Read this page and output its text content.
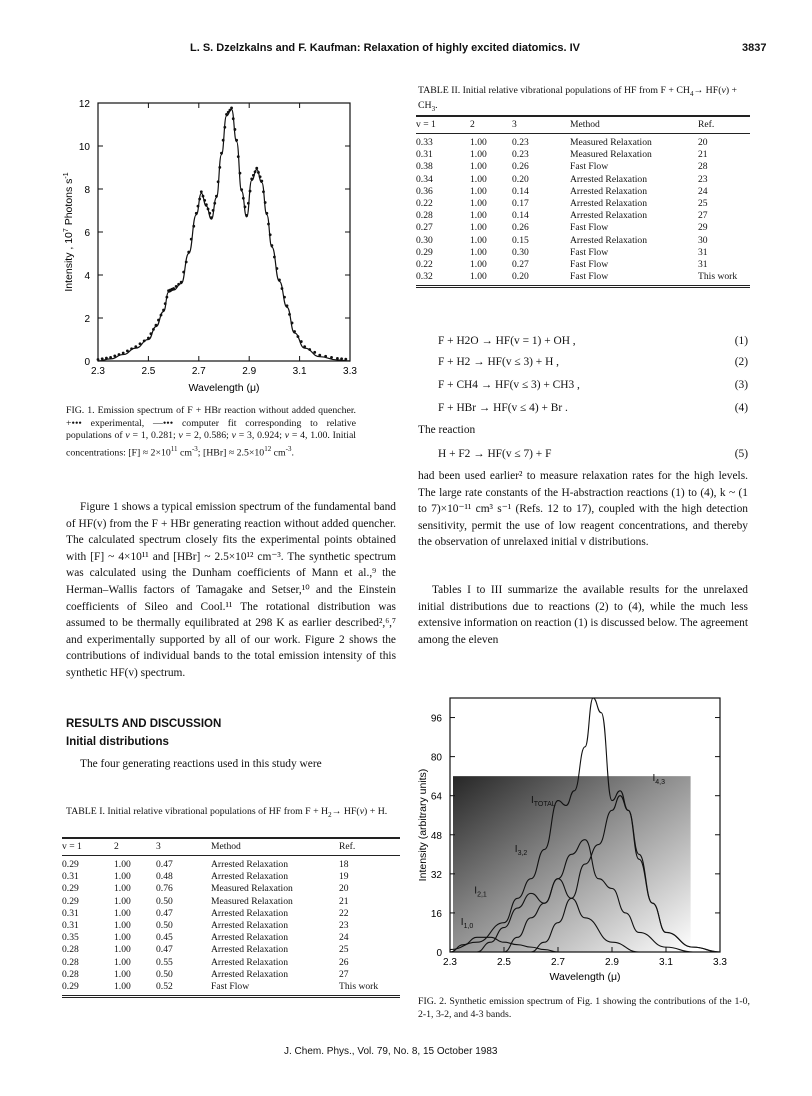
L. S. Dzelzkalns and F. Kaufman: Relaxation of highly excited diatomics. IV	3837
12
10
8
6
4
2
0
2.3	2.5	2.7	2.9	3.1	3.3
Wavelength (μ)
Intensity , $10^7$ Photons $s^{-1}$
FIG. 1. Emission spectrum of F + HBr reaction without added quencher. +••• experimental, —••• computer fit corresponding to relative populations of v = 1, 0.281; v = 2, 0.586; v = 3, 0.924; v = 4, 1.00. Initial concentrations: $[F] \approx 2\times 10^{11}$ $cm^{-3}$; $[HBr] \approx 2.5\times 10^{12}$ $cm^{-3}$.
Figure 1 shows a typical emission spectrum of the fundamental band of HF(v) from the F + HBr generating reaction without added quencher. The calculated spectrum closely fits the experimental points obtained with [F] ~ 4×10¹¹ and [HBr] ~ 2.5×10¹² cm⁻³. The synthetic spectrum was calculated using the Dunham coefficients of Mann et al.,⁹ the Herman–Wallis factors of Tamagake and Setser,¹⁰ and the Einstein coefficients of Sileo and Cool.¹¹ The rotational distribution was assumed to be thermally equilibrated at 298 K as earlier described²,⁶,⁷ and experimentally supported by all of our work. Figure 2 shows the contributions of individual bands to the total emission intensity of this synthetic HF(v) spectrum.
RESULTS AND DISCUSSION
Initial distributions
The four generating reactions used in this study were
TABLE I. Initial relative vibrational populations of HF from $F + H_2\to HF(v) + H$.
v = 1	2	3	Method	Ref.
0.29	1.00	0.47	Arrested Relaxation	18
0.31	1.00	0.48	Arrested Relaxation	19
0.29	1.00	0.76	Measured Relaxation	20
0.29	1.00	0.50	Measured Relaxation	21
0.31	1.00	0.47	Arrested Relaxation	22
0.31	1.00	0.50	Arrested Relaxation	23
0.35	1.00	0.45	Arrested Relaxation	24
0.28	1.00	0.47	Arrested Relaxation	25
0.28	1.00	0.55	Arrested Relaxation	26
0.28	1.00	0.50	Arrested Relaxation	27
0.29	1.00	0.52	Fast Flow	This work
TABLE II. Initial relative vibrational populations of HF from $F + CH_4\to HF(v) + CH_3$.
v = 1	2	3	Method	Ref.
0.33	1.00	0.23	Measured Relaxation	20
0.31	1.00	0.23	Measured Relaxation	21
0.38	1.00	0.26	Fast Flow	28
0.34	1.00	0.20	Arrested Relaxation	23
0.36	1.00	0.14	Arrested Relaxation	24
0.22	1.00	0.17	Arrested Relaxation	25
0.28	1.00	0.14	Arrested Relaxation	27
0.27	1.00	0.26	Fast Flow	29
0.30	1.00	0.15	Arrested Relaxation	30
0.29	1.00	0.30	Fast Flow	31
0.22	1.00	0.27	Fast Flow	31
0.32	1.00	0.20	Fast Flow	This work
F + H2O → HF(v = 1) + OH ,	(1)
F + H2 → HF(v ≤ 3) + H ,	(2)
F + CH4 → HF(v ≤ 3) + CH3 ,	(3)
F + HBr → HF(v ≤ 4) + Br .	(4)
The reaction
H + F2 → HF(v ≤ 7) + F	(5)
had been used earlier² to measure relaxation rates for the high levels. The large rate constants of the H-abstraction reactions (1) to (4), k ~ (1 to 7)×10⁻¹¹ cm³ s⁻¹ (Refs. 12 to 17), coupled with the high detection sensitivity, permit the use of low reagent concentrations, and thereby the observation of unrelaxed initial v distributions.
Tables I to III summarize the available results for the unrelaxed initial distributions due to reactions (2) to (4), while the much less extensive information on reaction (1) is discussed below. The agreement among the eleven
96
80
64
48
32
16
0
2.3	2.5	2.7	2.9	3.1	3.3
$I_{4,3}$
$I_{TOTAL}$
$I_{3,2}$
$I_{2,1}$
$I_{1,0}$
Wavelength (μ)
Intensity (arbitrary units)
FIG. 2. Synthetic emission spectrum of Fig. 1 showing the contributions of the 1-0, 2-1, 3-2, and 4-3 bands.
J. Chem. Phys., Vol. 79, No. 8, 15 October 1983
